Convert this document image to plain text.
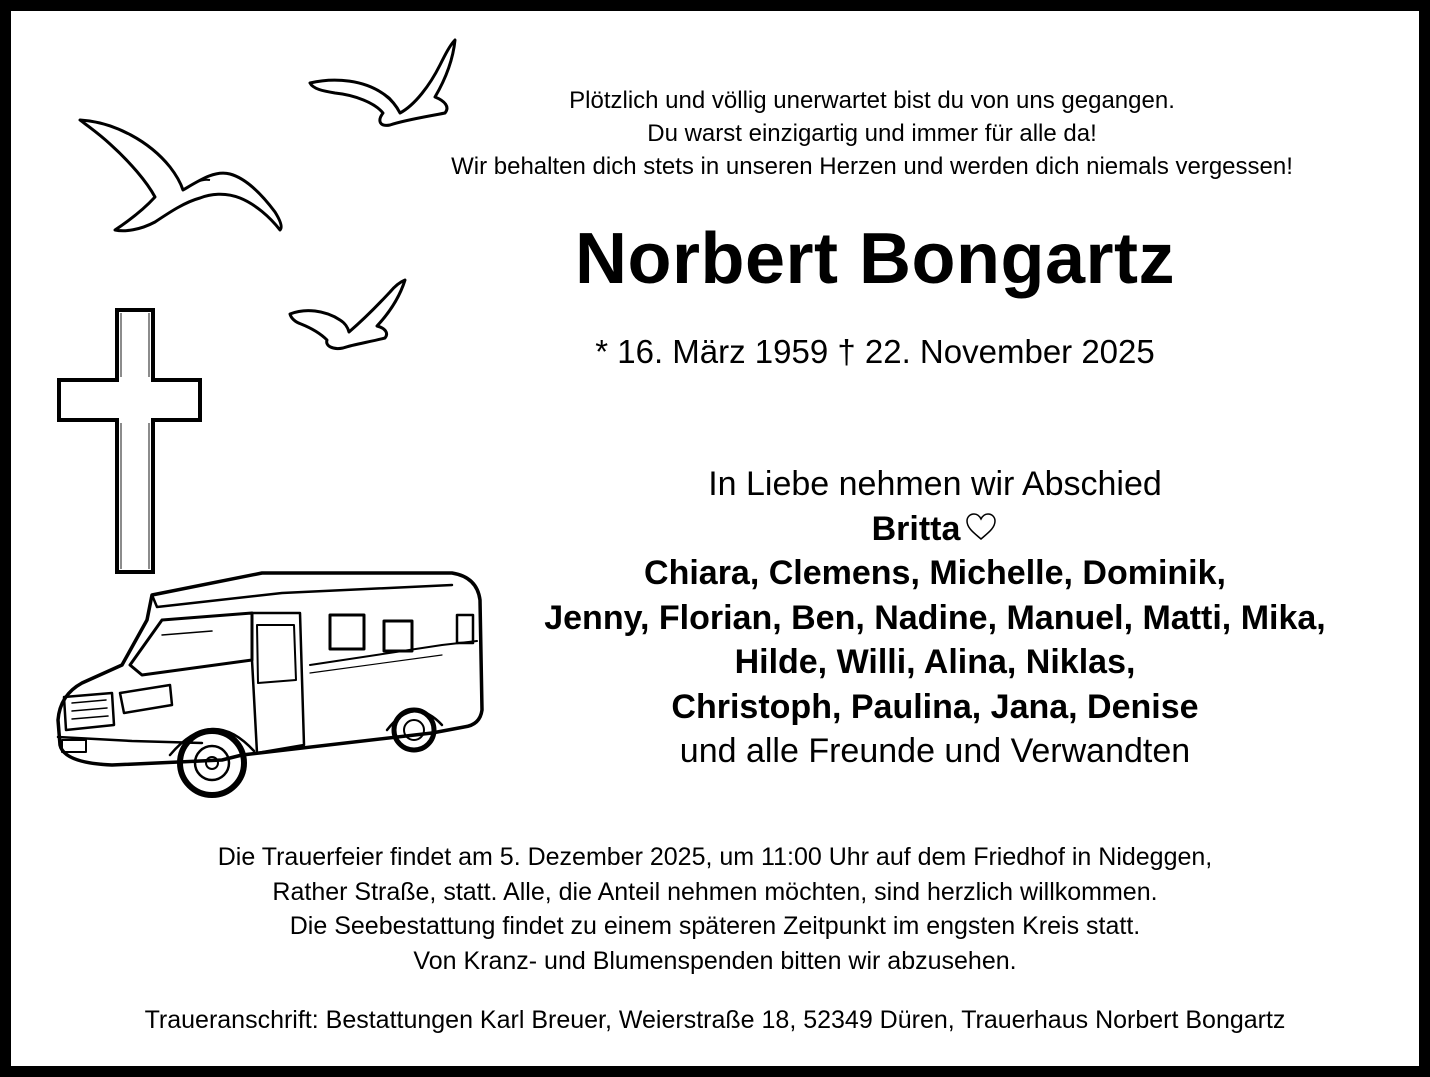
Plötzlich und völlig unerwartet bist du von uns gegangen.
Du warst einzigartig und immer für alle da!
Wir behalten dich stets in unseren Herzen und werden dich niemals vergessen!
Norbert Bongartz
* 16. März 1959 † 22. November 2025
In Liebe nehmen wir Abschied
Britta
Chiara, Clemens, Michelle, Dominik,
Jenny, Florian, Ben, Nadine, Manuel, Matti, Mika,
Hilde, Willi, Alina, Niklas,
Christoph, Paulina, Jana, Denise
und alle Freunde und Verwandten
Die Trauerfeier findet am 5. Dezember 2025, um 11:00 Uhr auf dem Friedhof in Nideggen,
Rather Straße, statt. Alle, die Anteil nehmen möchten, sind herzlich willkommen.
Die Seebestattung findet zu einem späteren Zeitpunkt im engsten Kreis statt.
Von Kranz- und Blumenspenden bitten wir abzusehen.
Traueranschrift: Bestattungen Karl Breuer, Weierstraße 18, 52349 Düren, Trauerhaus Norbert Bongartz
